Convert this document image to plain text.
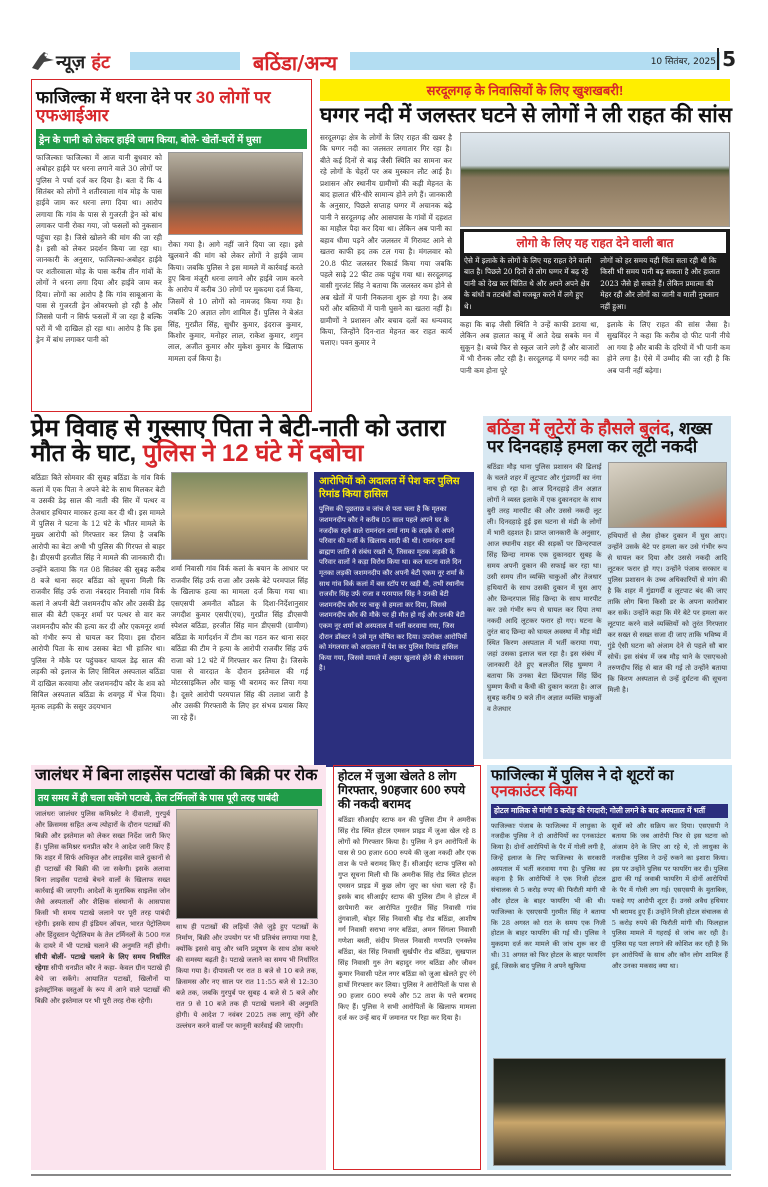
न्यूज़ हंट	बठिंडा/अन्य	10 सितंबर, 2025 5
फाजिल्का में धरना देने पर 30 लोगों पर एफआईआर
ड्रेन के पानी को लेकर हाईवे जाम किया, बोले- खेतों-घरों में घुसा

फाजिल्काः फाजिल्का में आज यानी बुधवार को अबोहर हाईवे पर धरना लगाने वाले 30 लोगों पर पुलिस ने पर्चा दर्ज कर दिया है। बता दें कि 4 सितंबर को लोगों ने शतीरवाला गांव मोड़ के पास हाईवे जाम कर धरना लगा दिया था। आरोप लगाया कि गांव के पास से गुजरती ड्रेन को बांध लगाकर पानी रोका गया, जो फसलों को नुकसान पहुंचा रहा है। जिसे खोलने की मांग की जा रही है। इसी को लेकर प्रदर्शन किया जा रहा था। जानकारी के अनुसार, फाजिल्का-अबोहर हाईवे पर शतीरवाला मोड़ के पास करीब तीन गांवों के लोगों ने धरना लगा दिया और हाईवे जाम कर दिया। लोगों का आरोप है कि गांव साबूआना के पास से गुजरती ड्रेन ओवरफ्लो हो रही है और जिससे पानी न सिर्फ फसलों में जा रहा है बल्कि घरों में भी दाखिल हो रहा था। आरोप है कि इस ड्रेन में बांध लगाकर पानी को

रोका गया है। आगे नहीं जाने दिया जा रहा। इसे खुलवाने की मांग को लेकर लोगों ने हाईवे जाम किया। जबकि पुलिस ने इस मामले में कार्रवाई करते हुए बिना मंजूरी धरना लगाने और हाईवे जाम करने के आरोप में करीब 30 लोगों पर मुकदमा दर्ज किया, जिसमें से 10 लोगों को नामजद किया गया है। जबकि 20 अज्ञात लोग शामिल हैं। पुलिस ने बेअंत सिंह, गुरप्रीत सिंह, सुधीर कुमार, इंदराज कुमार, किशोर कुमार, मनोहर लाल, राकेश कुमार, शगुन लाल, अजीत कुमार और मुकेश कुमार के खिलाफ मामला दर्ज किया है।

सरदूलगढ़ के निवासियों के लिए खुशखबरी!
घग्गर नदी में जलस्तर घटने से लोगों ने ली राहत की सांस

सरदूलगढ़ः क्षेत्र के लोगों के लिए राहत की खबर है कि घग्गर नदी का जलस्तर लगातार गिर रहा है। बीते कई दिनों से बाढ़ जैसी स्थिति का सामना कर रहे लोगों के चेहरों पर अब मुस्कान लौट आई है। प्रशासन और स्थानीय ग्रामीणों की कड़ी मेहनत के बाद हालात धीरे-धीरे सामान्य होने लगे हैं। जानकारी के अनुसार, पिछले सप्ताह घग्गर में अचानक बढ़े पानी ने सरदूलगढ़ और आसपास के गांवों में दहशत का माहौल पैदा कर दिया था। लेकिन अब पानी का बहाव धीमा पड़ने और जलस्तर में गिरावट आने से खतरा काफी हद तक टल गया है। मंगलवार को 20.8 फीट जलस्तर रिकार्ड किया गया जबकि पहले साढ़े 22 फीट तक पहुंच गया था। सरदूलगढ़ वासी गुरजंट सिंह ने बताया कि जलस्तर कम होने से अब खेतों में पानी निकलना शुरू हो गया है। अब घरों और बस्तियों में पानी घुसने का खतरा नहीं है। ग्रामीणों ने प्रशासन और बचाव दलों का धन्यवाद किया, जिन्होंने दिन-रात मेहनत कर राहत कार्य चलाए। पवन कुमार ने

लोगो के लिए यह राहत देने वाली बात

ऐसे में इलाके के लोगों के लिए यह राहत देने वाली बात है। पिछले 20 दिनों से लोग घग्गर में बढ़ रहे पानी को देख कर चिंतित थे और अपने अपने क्षेत्र के बांधों व तटबंधों को मजबूत करने में लगे हुए थे।

लोगों को हर समय यही चिंता सता रही थी कि किसी भी समय पानी बढ़ सकता है और हालात 2023 जैसे हो सकते हैं। लेकिन प्रमात्मा की मेहर रही और लोगों का जानी व माली नुकसान नहीं हुआ।

कहा कि बाढ़ जैसी स्थिति ने उन्हें काफी डराया था, लेकिन अब हालात काबू में आते देख सबके मन में सुकून है। बच्चे फिर से स्कूल जाने लगे हैं और बाजारों में भी रौनक लौट रही है। सरदूलगढ़ में घग्गर नदी का पानी कम होना पूरे

इलाके के लिए राहत की सांस जैसा है। सुखविंदर ने कहा कि करीब दो फीट पानी नीचे आ गया है और बाकी के दरियों में भी पानी कम होने लगा है। ऐसे में उम्मीद की जा रही है कि अब पानी नहीं बढ़ेगा।

प्रेम विवाह से गुस्साए पिता ने बेटी-नाती को उतारा मौत के घाट, पुलिस ने 12 घंटे में दबोचा

बठिंडाः बिते सोमवार की सुबह बठिंडा के गांव विर्क कलां में एक पिता ने अपने बेटे के साथ मिलकर बेटी व उसकी डेढ़ साल की नाती की सिर में पत्थर व तेजधार हथियार मारकर हत्या कर दी थी। इस मामले में पुलिस ने घटना के 12 घंटे के भीतर मामले के मुख्य आरोपी को गिरफ्तार कर लिया है जबकि आरोपी का बेटा अभी भी पुलिस की गिरफ्त से बाहर है। डीएसपी हरजीत सिंह ने मामले की जानकारी दी। उन्होंने बताया कि गत 08 सितंबर की सुबह करीब 8 बजे थाना सदर बठिंडा को सूचना मिली कि राजवीर सिंह उर्फ राजा नंबरदार निवासी गांव विर्क कलां ने अपनी बेटी जशमनदीप कौर और उसकी डेढ़ साल की बेटी एकनूर शर्मा पर पत्थर से वार कर जशमनदीप कौर की हत्या कर दी और एकमनूर शर्मा को गंभीर रूप से घायल कर दिया। इस दौरान आरोपी पिता के साथ उसका बेटा भी हाजिर था। पुलिस ने मौके पर पहुंचकर घायल डेढ़ साल की लड़की को इलाज के लिए सिविल अस्पताल बठिंडा में दाखिल करवाया और जशमनदीप कौर के शव को सिविल अस्पताल बठिंडा के शवगृह में भेज दिया। मृतक लड़की के ससुर उदयभान

शर्मा निवासी गांव विर्क कलां के बयान के आधार पर राजवीर सिंह उर्फ राजा और उसके बेटे परमपाल सिंह के खिलाफ हत्या का मामला दर्ज किया गया था। एसएसपी अमनीत कौंडल के दिशा-निर्देशानुसार जगदीश कुमार एसपी(एच), गुरप्रीत सिंह डीएसपी स्पेशल बठिंडा, हरजीत सिंह मान डीएसपी (ग्रामीण) बठिंडा के मार्गदर्शन में टीम का गठन कर थाना सदर बठिंडा की टीम ने हत्या के आरोपी राजवीर सिंह उर्फ राजा को 12 घंटे में गिरफ्तार कर लिया है। जिसके पास से वारदात के दौरान इस्तेमाल की गई मोटरसाइकिल और चाकू भी बरामद कर लिया गया है। दूसरे आरोपी परमपाल सिंह की तलाश जारी है और उसकी गिरफ्तारी के लिए हर संभव प्रयास किए जा रहे हैं।

आरोपियों को अदालत में पेश कर पुलिस रिमांड किया हासिल

पुलिस की पूछताछ व जांच से पता चला है कि मृतका जशमनदीप कौर ने करीब 05 साल पहले अपने घर के नजदीक रहने वाले रामनंदन शर्मा नाम के लड़के से अपने परिवार की मर्जी के खिलाफ शादी की थी। रामनंदन शर्मा ब्राह्मण जाति से संबंध रखते थे, जिसका मृतक लड़की के परिवार वालों ने कड़ा विरोध किया था। कल घटना वाले दिन मृतका लड़की जशमनदीप कौर अपनी बेटी एकम नूर शर्मा के साथ गांव विर्क कलां में बस स्टॉप पर खड़ी थी, तभी स्थानीय राजवीर सिंह उर्फ राजा व परमपाल सिंह ने उनकी बेटी जशमनदीप कौर पर चाकू से हमला कर दिया, जिससे जशमनदीप कौर की मौके पर ही मौत हो गई और उनकी बेटी एकम नूर शर्मा को अस्पताल में भर्ती करवाया गया, जिस दौरान डॉक्टर ने उसे मृत घोषित कर दिया। उपरोक्त आरोपियों को मंगलवार को अदालत में पेश कर पुलिस रिमांड हासिल किया गया, जिससे मामले में अहम खुलासे होने की संभावना है।

बठिंडा में लुटेरों के हौसले बुलंद, शख्स पर दिनदहाड़े हमला कर लूटी नकदी

बठिंडाः मौड़ थाना पुलिस प्रशासन की ढिलाई के चलते शहर में लूटपाट और गुंडागर्दी का नंगा नाच हो रहा है। आज दिनदहाड़े तीन अज्ञात लोगों ने व्यस्त इलाके में एक दुकानदार के साथ बुरी तरह मारपीट की और उससे नकदी लूट ली। दिनदहाड़े हुई इस घटना से मंडी के लोगों में भारी दहशत है। प्राप्त जानकारी के अनुसार, आज स्थानीय शहर की सड़कों पर छिन्दरपाल सिंह छिन्दा नामक एक दुकानदार सुबह के समय अपनी दुकान की सफाई कर रहा था। उसी समय तीन व्यक्ति चाकुओं और तेजधार हथियारों के साथ उसकी दुकान में घुस आए और छिन्दरपाल सिंह छिन्दा के साथ मारपीट कर उसे गंभीर रूप से घायल कर दिया तथा नकदी आदि लूटकर फरार हो गए। घटना के तुरंत बाद छिन्दा को घायल अवस्था में मौड़ मंडी स्थित किरण अस्पताल में भर्ती कराया गया, जहां उसका इलाज चल रहा है। इस संबंध में जानकारी देते हुए बलजीत सिंह घुम्मण ने बताया कि उनका बेटा छिंदपाल सिंह छिंद घुम्मण कैंची व कैंची की दुकान करता है। आज सुबह करीब 9 बजे तीन अज्ञात व्यक्ति चाकुओं व तेजधार

हथियारों से लैस होकर दुकान में घुस आए। उन्होंने उसके बेटे पर हमला कर उसे गंभीर रूप से घायल कर दिया और उससे नकदी आदि लूटकर फरार हो गए। उन्होंने पंजाब सरकार व पुलिस प्रशासन के उच्च अधिकारियों से मांग की है कि शहर में गुंडागर्दी व लूटपाट बंद की जाए ताकि लोग बिना किसी डर के अपना कारोबार कर सकें। उन्होंने कहा कि मेरे बेटे पर हमला कर लूटपाट करने वाले व्यक्तियों को तुरंत गिरफ्तार कर सख्त से सख्त सजा दी जाए ताकि भविष्य में गुंडे ऐसी घटना को अंजाम देने से पहले सौ बार सोचें। इस संबंध में जब मौड़ थाने के एसएचओ तरुणदीप सिंह से बात की गई तो उन्होंने बताया कि किरण अस्पताल से उन्हें दुर्घटना की सूचना मिली है।

जालंधर में बिना लाइसेंस पटाखों की बिक्री पर रोक
तय समय में ही चला सकेंगे पटाखे, तेल टर्मिनलों के पास पूरी तरह पाबंदी

जालंधरः जालंधर पुलिस कमिश्नरेट ने दीवाली, गुरपुर्ब और क्रिसमस सहित अन्य त्योहारों के दौरान पटाखों की बिक्री और इस्तेमाल को लेकर सख्त निर्देश जारी किए हैं। पुलिस कमिश्नर धनप्रीत कौर ने आदेश जारी किए हैं कि शहर में सिर्फ अधिकृत और लाइसेंस वाले दुकानों से ही पटाखों की बिक्री की जा सकेगी। इसके अलावा बिना लाइसेंस पटाखे बेचने वालों के खिलाफ सख्त कार्रवाई की जाएगी। आदेशों के मुताबिक साइलेंस जोन जैसे अस्पतालों और शैक्षिक संस्थानों के आसपास किसी भी समय पटाखे जलाने पर पूरी तरह पाबंदी रहेगी। इसके साथ ही इंडियन ऑयल, भारत पेट्रोलियम और हिंदुस्तान पेट्रोलियम के तेल टर्मिनलों के 500 गज के दायरे में भी पटाखे चलाने की अनुमति नहीं होगी। सीपी बोलीं- पटाखे चलाने के लिए समय निर्धारित रहेगाः सीपी धनप्रीत कौर ने कहा- केवल ग्रीन पटाखे ही बेचे जा सकेंगे। आयातित पटाखों, खिलौनों या इलेक्ट्रॉनिक वस्तुओं के रूप में आने वाले पटाखों की बिक्री और इस्तेमाल पर भी पूरी तरह रोक रहेगी।

साथ ही पटाखों की लड़ियों जैसे जुड़े हुए पटाखों के निर्माण, बिक्री और उपयोग पर भी प्रतिबंध लगाया गया है, क्योंकि इससे वायु और ध्वनि प्रदूषण के साथ ठोस कचरे की समस्या बढ़ती है। पटाखे जलाने का समय भी निर्धारित किया गया है। दीपावली पर रात 8 बजे से 10 बजे तक, क्रिसमस और नए साल पर रात 11:55 बजे से 12:30 बजे तक, जबकि गुरपुर्ब पर सुबह 4 बजे से 5 बजे और रात 9 से 10 बजे तक ही पटाखे चलाने की अनुमति होगी। ये आदेश 7 नवंबर 2025 तक लागू रहेंगे और उल्लंघन करने वालों पर कानूनी कार्रवाई की जाएगी।

होटल में जुआ खेलते 8 लोग गिरफ्तार, 90हजार 600 रुपये की नकदी बरामद

बठिंडाः सीआईए स्टाफ वन की पुलिस टीम ने अमरीक सिंह रोड स्थित होटल एमसन प्राइड में जुआ खेल रहे 8 लोगों को गिरफ्तार किया है। पुलिस ने इन आरोपितों के पास से 90 हजार 600 रुपये की जुआ नकदी और एक ताश के पत्ते बरामद किए हैं। सीआईए स्टाफ पुलिस को गुप्त सूचना मिली थी कि अमरीक सिंह रोड स्थित होटल एमसन प्राइड में कुछ लोग जुए का धंधा चला रहे हैं। इसके बाद सीआईए स्टाफ की पुलिस टीम ने होटल में छापेमारी कर आरोपित गुरदीत सिंह निवासी गांव तुंगवाली, बोहर सिंह निवासी बीड़ रोड बठिंडा, आशीष गर्ग निवासी सराभा नगर बठिंडा, अमन सिंगला निवासी गणेशा बस्ती, संदीप मित्तल निवासी गणपति एनक्लेव बठिंडा, बंत सिंह निवासी सुर्खपीर रोड बठिंडा, सुखपाल सिंह निवासी गुरु तेग बहादुर नगर बठिंडा और जीवन कुमार निवासी पटेल नगर बठिंडा को जुआ खेलते हुए रंगे हाथों गिरफ्तार कर लिया। पुलिस ने आरोपितों के पास से 90 हजार 600 रुपये और 52 ताश के पत्ते बरामद किए हैं। पुलिस ने सभी आरोपितों के खिलाफ मामला दर्ज कर उन्हें बाद में जमानत पर रिहा कर दिया है।

फाजिल्का में पुलिस ने दो शूटरों का एनकाउंटर किया
होटल मालिक से मांगी 5 करोड़ की रंगदारी; गोली लगने के बाद अस्पताल में भर्ती

फाजिल्काः पंजाब के फाजिल्का में लाधुका के नजदीक पुलिस ने दो आरोपियों का एनकाउंटर किया है। दोनों आरोपियों के पैर में गोली लगी है, जिन्हें इलाज के लिए फाजिल्का के सरकारी अस्पताल में भर्ती करवाया गया है। पुलिस का कहना है कि आरोपियों ने एक निजी होटल संचालक से 5 करोड़ रुपए की फिरौती मांगी थी और होटल के बाहर फायरिंग भी की थी। फाजिल्का के एसएसपी गुरमीत सिंह ने बताया कि 28 अगस्त को रात के समय एक निजी होटल के बाहर फायरिंग की गई थी। पुलिस ने मुकदमा दर्ज कर मामले की जांच शुरू कर दी थी। 31 अगस्त को फिर होटल के बाहर फायरिंग हुई, जिसके बाद पुलिस ने अपने खुफिया

सूत्रों को और सक्रिय कर दिया। एसएसपी ने बताया कि जब आरोपी फिर से इस घटना को अंजाम देने के लिए आ रहे थे, तो लाधुका के नजदीक पुलिस ने उन्हें रुकने का इशारा किया। इस पर उन्होंने पुलिस पर फायरिंग कर दी। पुलिस द्वारा की गई जवाबी फायरिंग में दोनों आरोपियों के पैर में गोली लग गई। एसएसपी के मुताबिक, पकड़े गए आरोपी शूटर हैं। उनसे अवैध हथियार भी बरामद हुए हैं। उन्होंने निजी होटल संचालक से 5 करोड़ रुपये की फिरौती मांगी थी। फिलहाल पुलिस मामले में गहराई से जांच कर रही है। पुलिस यह पता लगाने की कोशिश कर रही है कि इन आरोपियों के साथ और कौन लोग शामिल हैं और उनका मकसद क्या था।
